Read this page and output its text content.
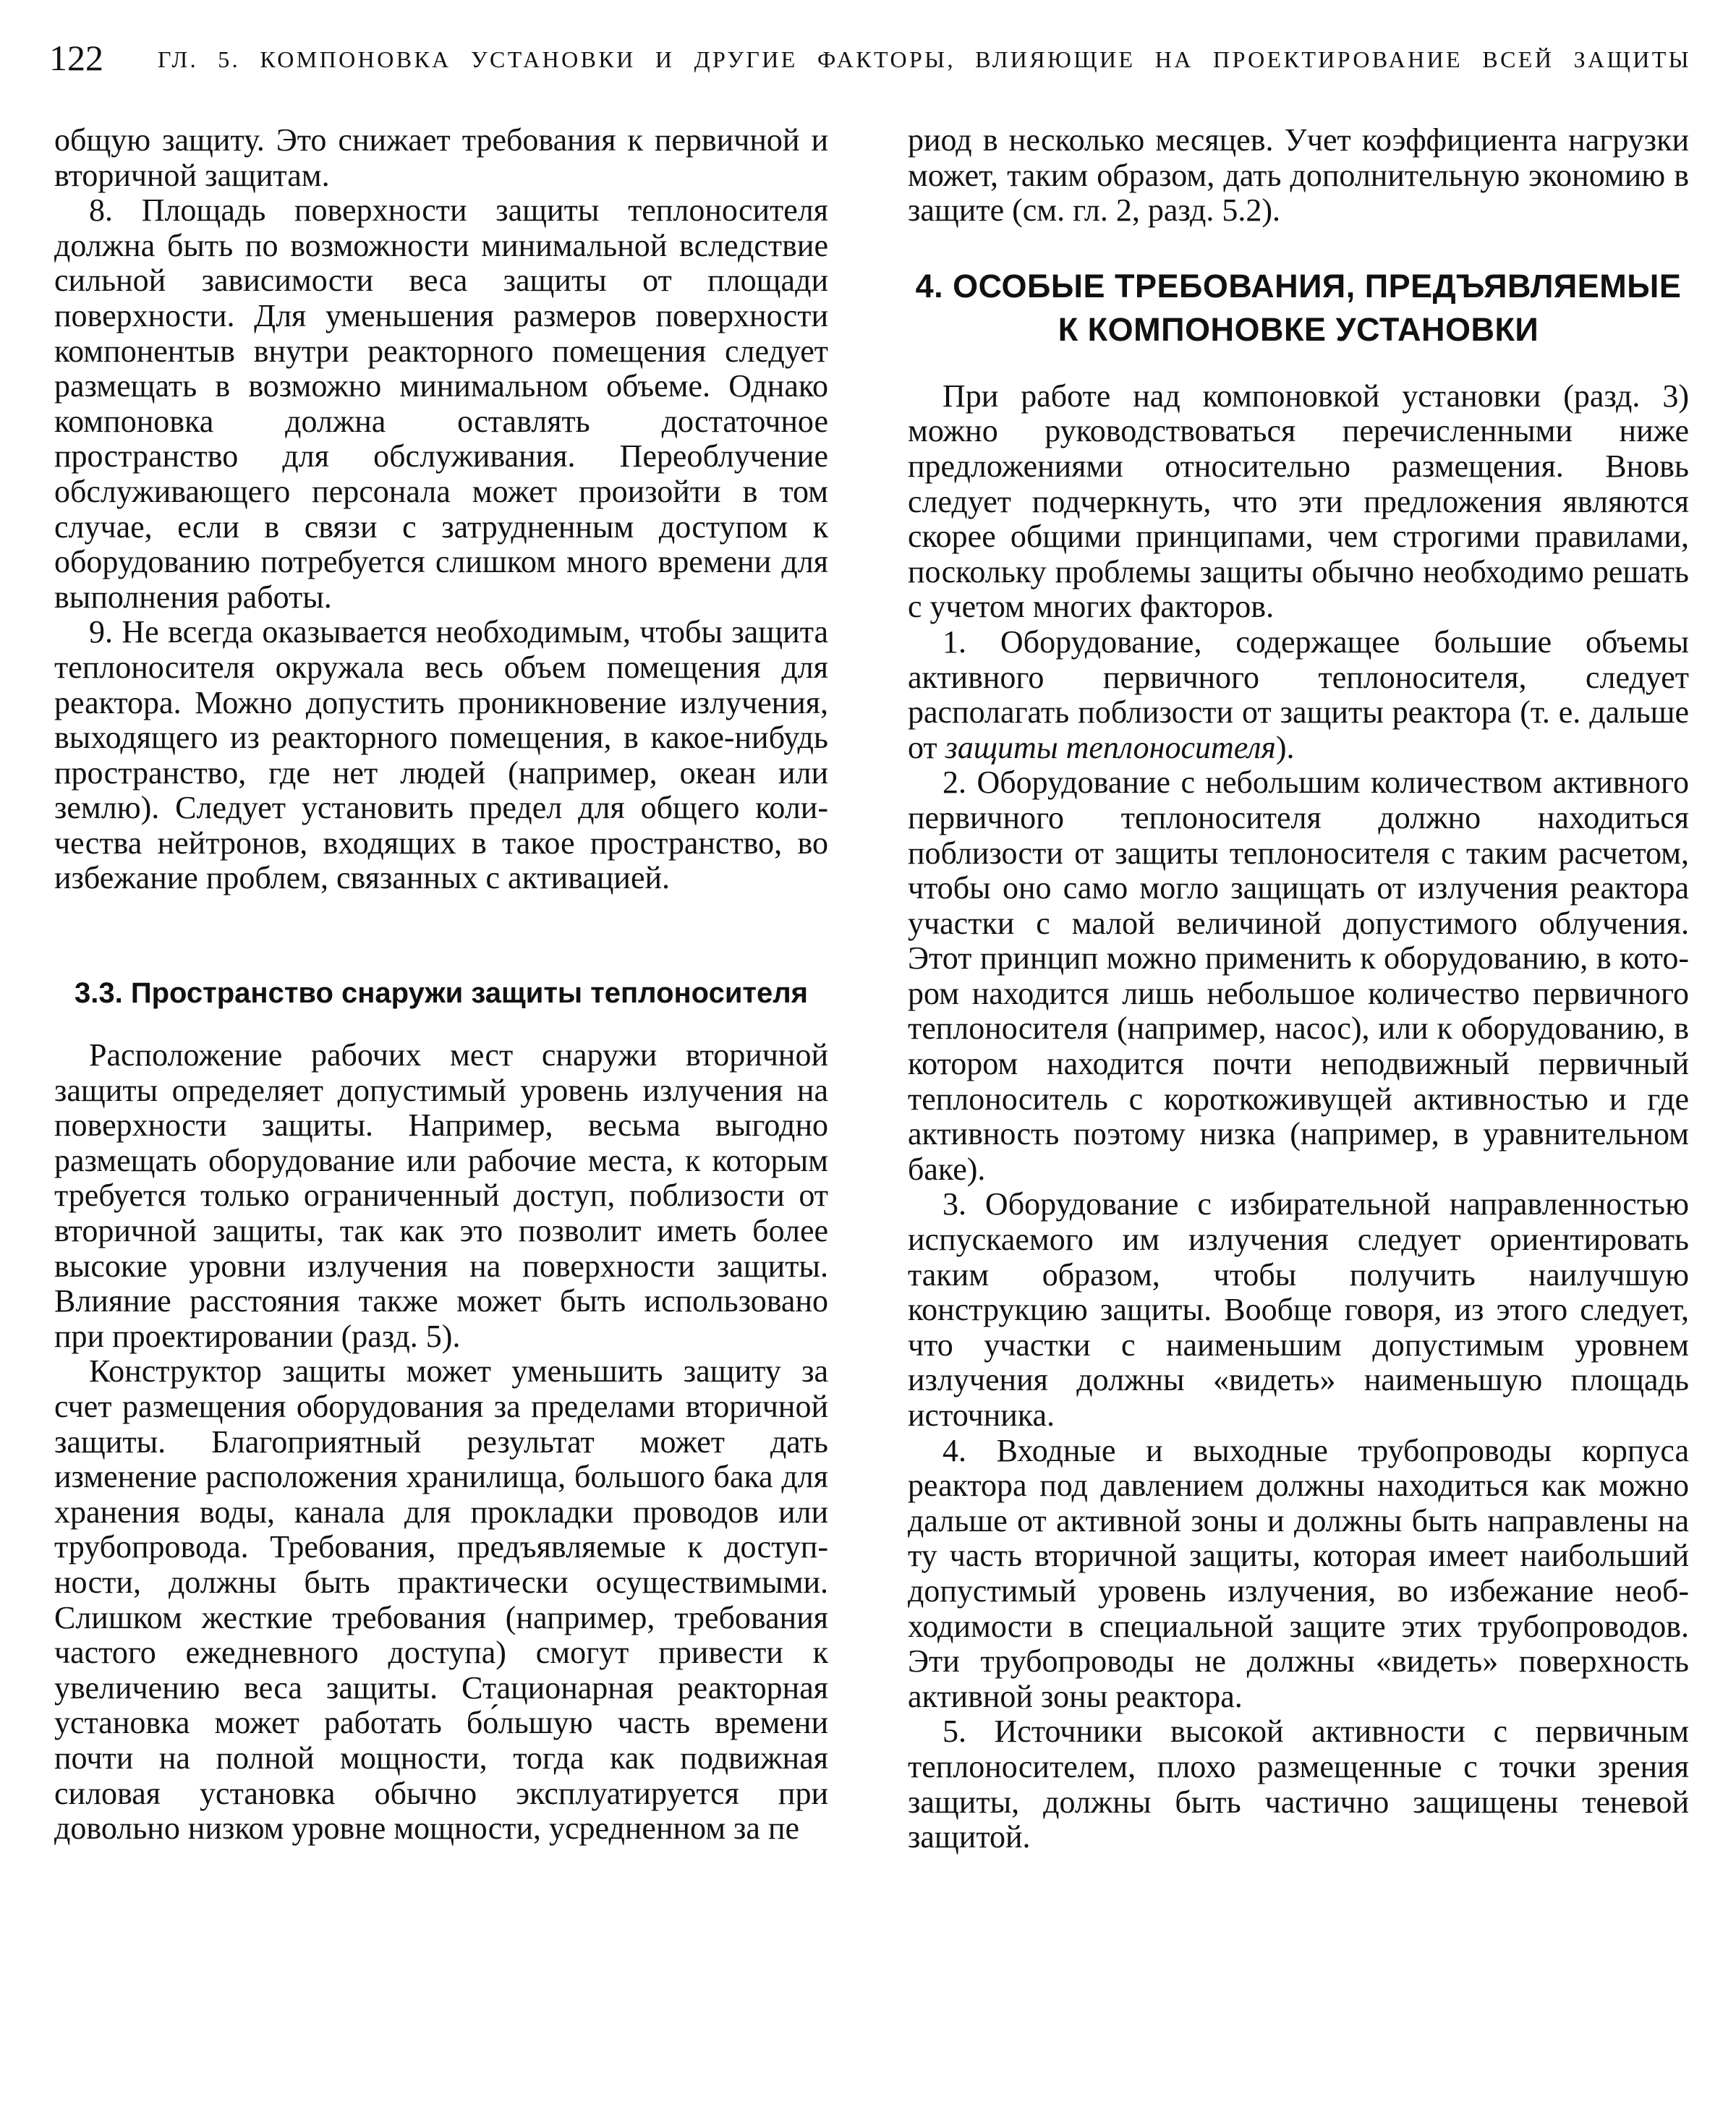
122 ГЛ. 5. КОМПОНОВКА УСТАНОВКИ И ДРУГИЕ ФАКТОРЫ, ВЛИЯЮЩИЕ НА ПРОЕКТИРОВАНИЕ ВСЕЙ ЗАЩИТЫ

общую защиту. Это снижает требования к первичной и вторичной защитам.

8. Площадь поверхности защиты теплоносителя должна быть по возможности минимальной вследствие сильной зависимости веса защиты от площади поверхности. Для уменьшения размеров поверхности компонентыв внутри реакторного помещения следует размещать в возможно минимальном объеме. Однако компоновка должна оставлять достаточное пространство для обслуживания. Переоблучение обслуживающего персонала может произойти в том случае, если в связи с затрудненным доступом к оборудованию потребуется слишком много времени для выполнения работы.

9. Не всегда оказывается необходимым, чтобы защита теплоносителя окружала весь объем помещения для реактора. Можно допустить проникновение излучения, выходящего из реакторного помещения, в какое-нибудь пространство, где нет людей (например, океан или землю). Следует установить предел для общего количества нейтронов, входящих в такое пространство, во избежание проблем, связанных с активацией.

3.3. Пространство снаружи защиты теплоносителя

Расположение рабочих мест снаружи вторичной защиты определяет допустимый уровень излучения на поверхности защиты. Например, весьма выгодно размещать оборудование или рабочие места, к которым требуется только ограниченный доступ, поблизости от вторичной защиты, так как это позволит иметь более высокие уровни излучения на поверхности защиты. Влияние расстояния также может быть использовано при проектировании (разд. 5).

Конструктор защиты может уменьшить защиту за счет размещения оборудования за пределами вторичной защиты. Благоприятный результат может дать изменение расположения хранилища, большого бака для хранения воды, канала для прокладки проводов или трубопровода. Требования, предъявляемые к доступности, должны быть практически осуществимыми. Слишком жесткие требования (например, требования частого ежедневного доступа) смогут привести к увеличению веса защиты. Стационарная реакторная установка может работать бо́льшую часть времени почти на полной мощности, тогда как подвижная силовая установка обычно эксплуатируется при довольно низком уровне мощности, усредненном за пе

риод в несколько месяцев. Учет коэффициента нагрузки может, таким образом, дать дополнительную экономию в защите (см. гл. 2, разд. 5.2).

4. ОСОБЫЕ ТРЕБОВАНИЯ, ПРЕДЪЯВЛЯЕМЫЕ
К КОМПОНОВКЕ УСТАНОВКИ

При работе над компоновкой установки (разд. 3) можно руководствоваться перечисленными ниже предложениями относительно размещения. Вновь следует подчеркнуть, что эти предложения являются скорее общими принципами, чем строгими правилами, поскольку проблемы защиты обычно необходимо решать с учетом многих факторов.

1. Оборудование, содержащее большие объемы активного первичного теплоносителя, следует располагать поблизости от защиты реактора (т. е. дальше от защиты теплоносителя).

2. Оборудование с небольшим количеством активного первичного теплоносителя должно находиться поблизости от защиты теплоносителя с таким расчетом, чтобы оно само могло защищать от излучения реактора участки с малой величиной допустимого облучения. Этот принцип можно применить к оборудованию, в котором находится лишь небольшое количество первичного теплоносителя (например, насос), или к оборудованию, в котором находится почти неподвижный первичный теплоноситель с короткоживущей активностью и где активность поэтому низка (например, в уравнительном баке).

3. Оборудование с избирательной направленностью испускаемого им излучения следует ориентировать таким образом, чтобы получить наилучшую конструкцию защиты. Вообще говоря, из этого следует, что участки с наименьшим допустимым уровнем излучения должны «видеть» наименьшую площадь источника.

4. Входные и выходные трубопроводы корпуса реактора под давлением должны находиться как можно дальше от активной зоны и должны быть направлены на ту часть вторичной защиты, которая имеет наибольший допустимый уровень излучения, во избежание необходимости в специальной защите этих трубопроводов. Эти трубопроводы не должны «видеть» поверхность активной зоны реактора.

5. Источники высокой активности с первичным теплоносителем, плохо размещенные с точки зрения защиты, должны быть частично защищены теневой защитой.
